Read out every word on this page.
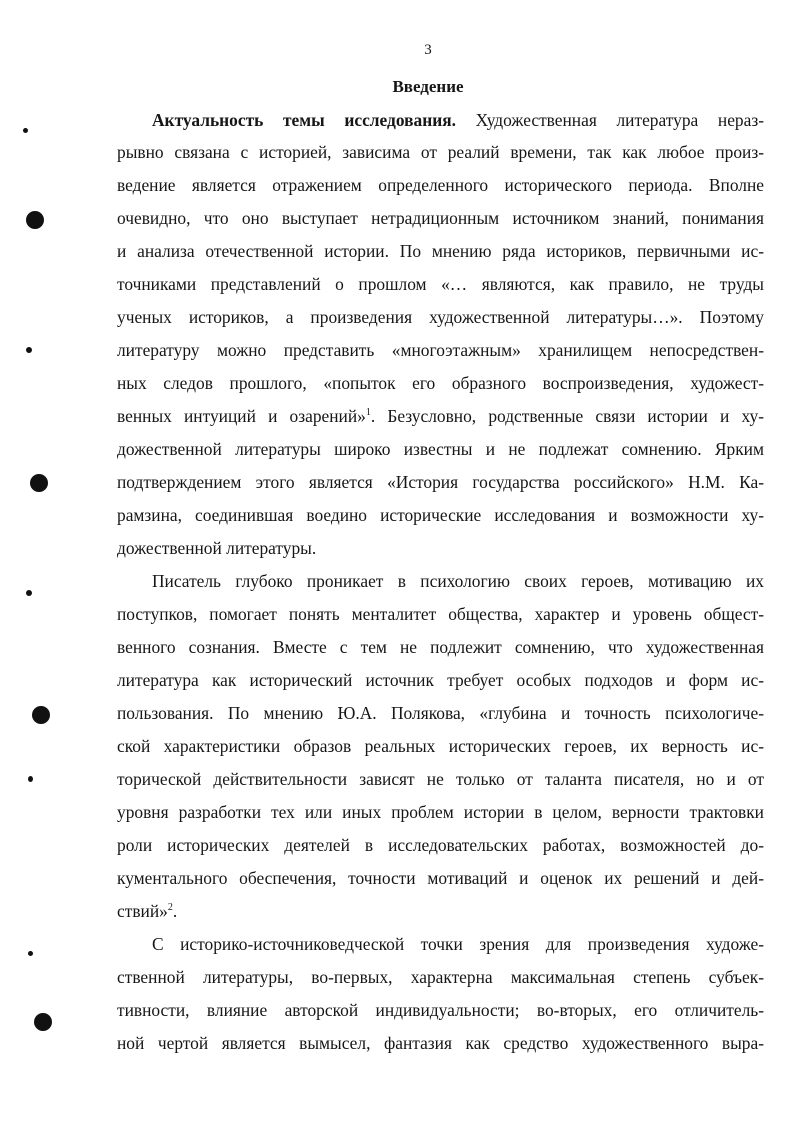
3
Введение
Актуальность темы исследования. Художественная литература нераз-
рывно связана с историей, зависима от реалий времени, так как любое произ-
ведение является отражением определенного исторического периода. Вполне
очевидно, что оно выступает нетрадиционным источником знаний, понимания
и анализа отечественной истории. По мнению ряда историков, первичными ис-
точниками представлений о прошлом «… являются, как правило, не труды
ученых историков, а произведения художественной литературы…». Поэтому
литературу можно представить «многоэтажным» хранилищем непосредствен-
ных следов прошлого, «попыток его образного воспроизведения, художест-
венных интуиций и озарений»$^1$. Безусловно, родственные связи истории и ху-
дожественной литературы широко известны и не подлежат сомнению. Ярким
подтверждением этого является «История государства российского» Н.М. Ка-
рамзина, соединившая воедино исторические исследования и возможности ху-
дожественной литературы.
Писатель глубоко проникает в психологию своих героев, мотивацию их
поступков, помогает понять менталитет общества, характер и уровень общест-
венного сознания. Вместе с тем не подлежит сомнению, что художественная
литература как исторический источник требует особых подходов и форм ис-
пользования. По мнению Ю.А. Полякова, «глубина и точность психологиче-
ской характеристики образов реальных исторических героев, их верность ис-
торической действительности зависят не только от таланта писателя, но и от
уровня разработки тех или иных проблем истории в целом, верности трактовки
роли исторических деятелей в исследовательских работах, возможностей до-
кументального обеспечения, точности мотиваций и оценок их решений и дей-
ствий»$^2$.
С историко-источниковедческой точки зрения для произведения художе-
ственной литературы, во-первых, характерна максимальная степень субъек-
тивности, влияние авторской индивидуальности; во-вторых, его отличитель-
ной чертой является вымысел, фантазия как средство художественного выра-
